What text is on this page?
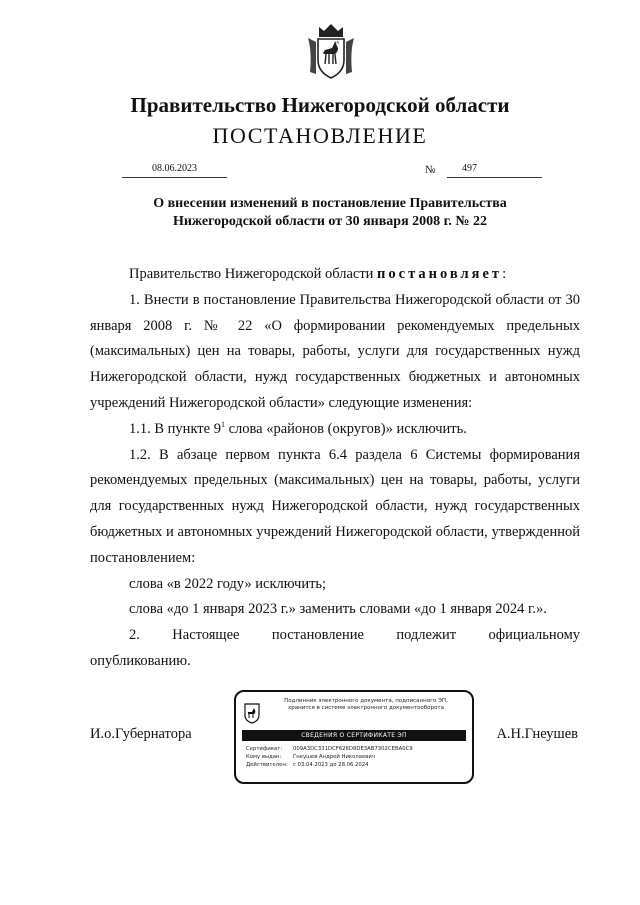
Правительство Нижегородской области
ПОСТАНОВЛЕНИЕ
08.06.2023	№	497
О внесении изменений в постановление Правительства
Нижегородской области от 30 января 2008 г. № 22

Правительство Нижегородской области постановляет:

1. Внести в постановление Правительства Нижегородской области от 30 января 2008 г. № 22 «О формировании рекомендуемых предельных (максимальных) цен на товары, работы, услуги для государственных нужд Нижегородской области, нужд государственных бюджетных и автономных учреждений Нижегородской области» следующие изменения:

1.1. В пункте $9^1$ слова «районов (округов)» исключить.

1.2. В абзаце первом пункта 6.4 раздела 6 Системы формирования рекомендуемых предельных (максимальных) цен на товары, работы, услуги для государственных нужд Нижегородской области, нужд государственных бюджетных и автономных учреждений Нижегородской области, утвержденной постановлением:

слова «в 2022 году» исключить;

слова «до 1 января 2023 г.» заменить словами «до 1 января 2024 г.».

2. Настоящее постановление подлежит официальному
опубликованию.
И.о.Губернатора	А.Н.Гнеушев
Подлинник электронного документа, подписанного ЭП,
хранится в системе электронного документооборота
СВЕДЕНИЯ О СЕРТИФИКАТЕ ЭП
Сертификат: 009A3DC331DCF626D8DE3AB7302CEBA0C9
Кому выдан: Гнеушев Андрей Николаевич
Действителен: с 03.04.2023 до 28.06.2024
